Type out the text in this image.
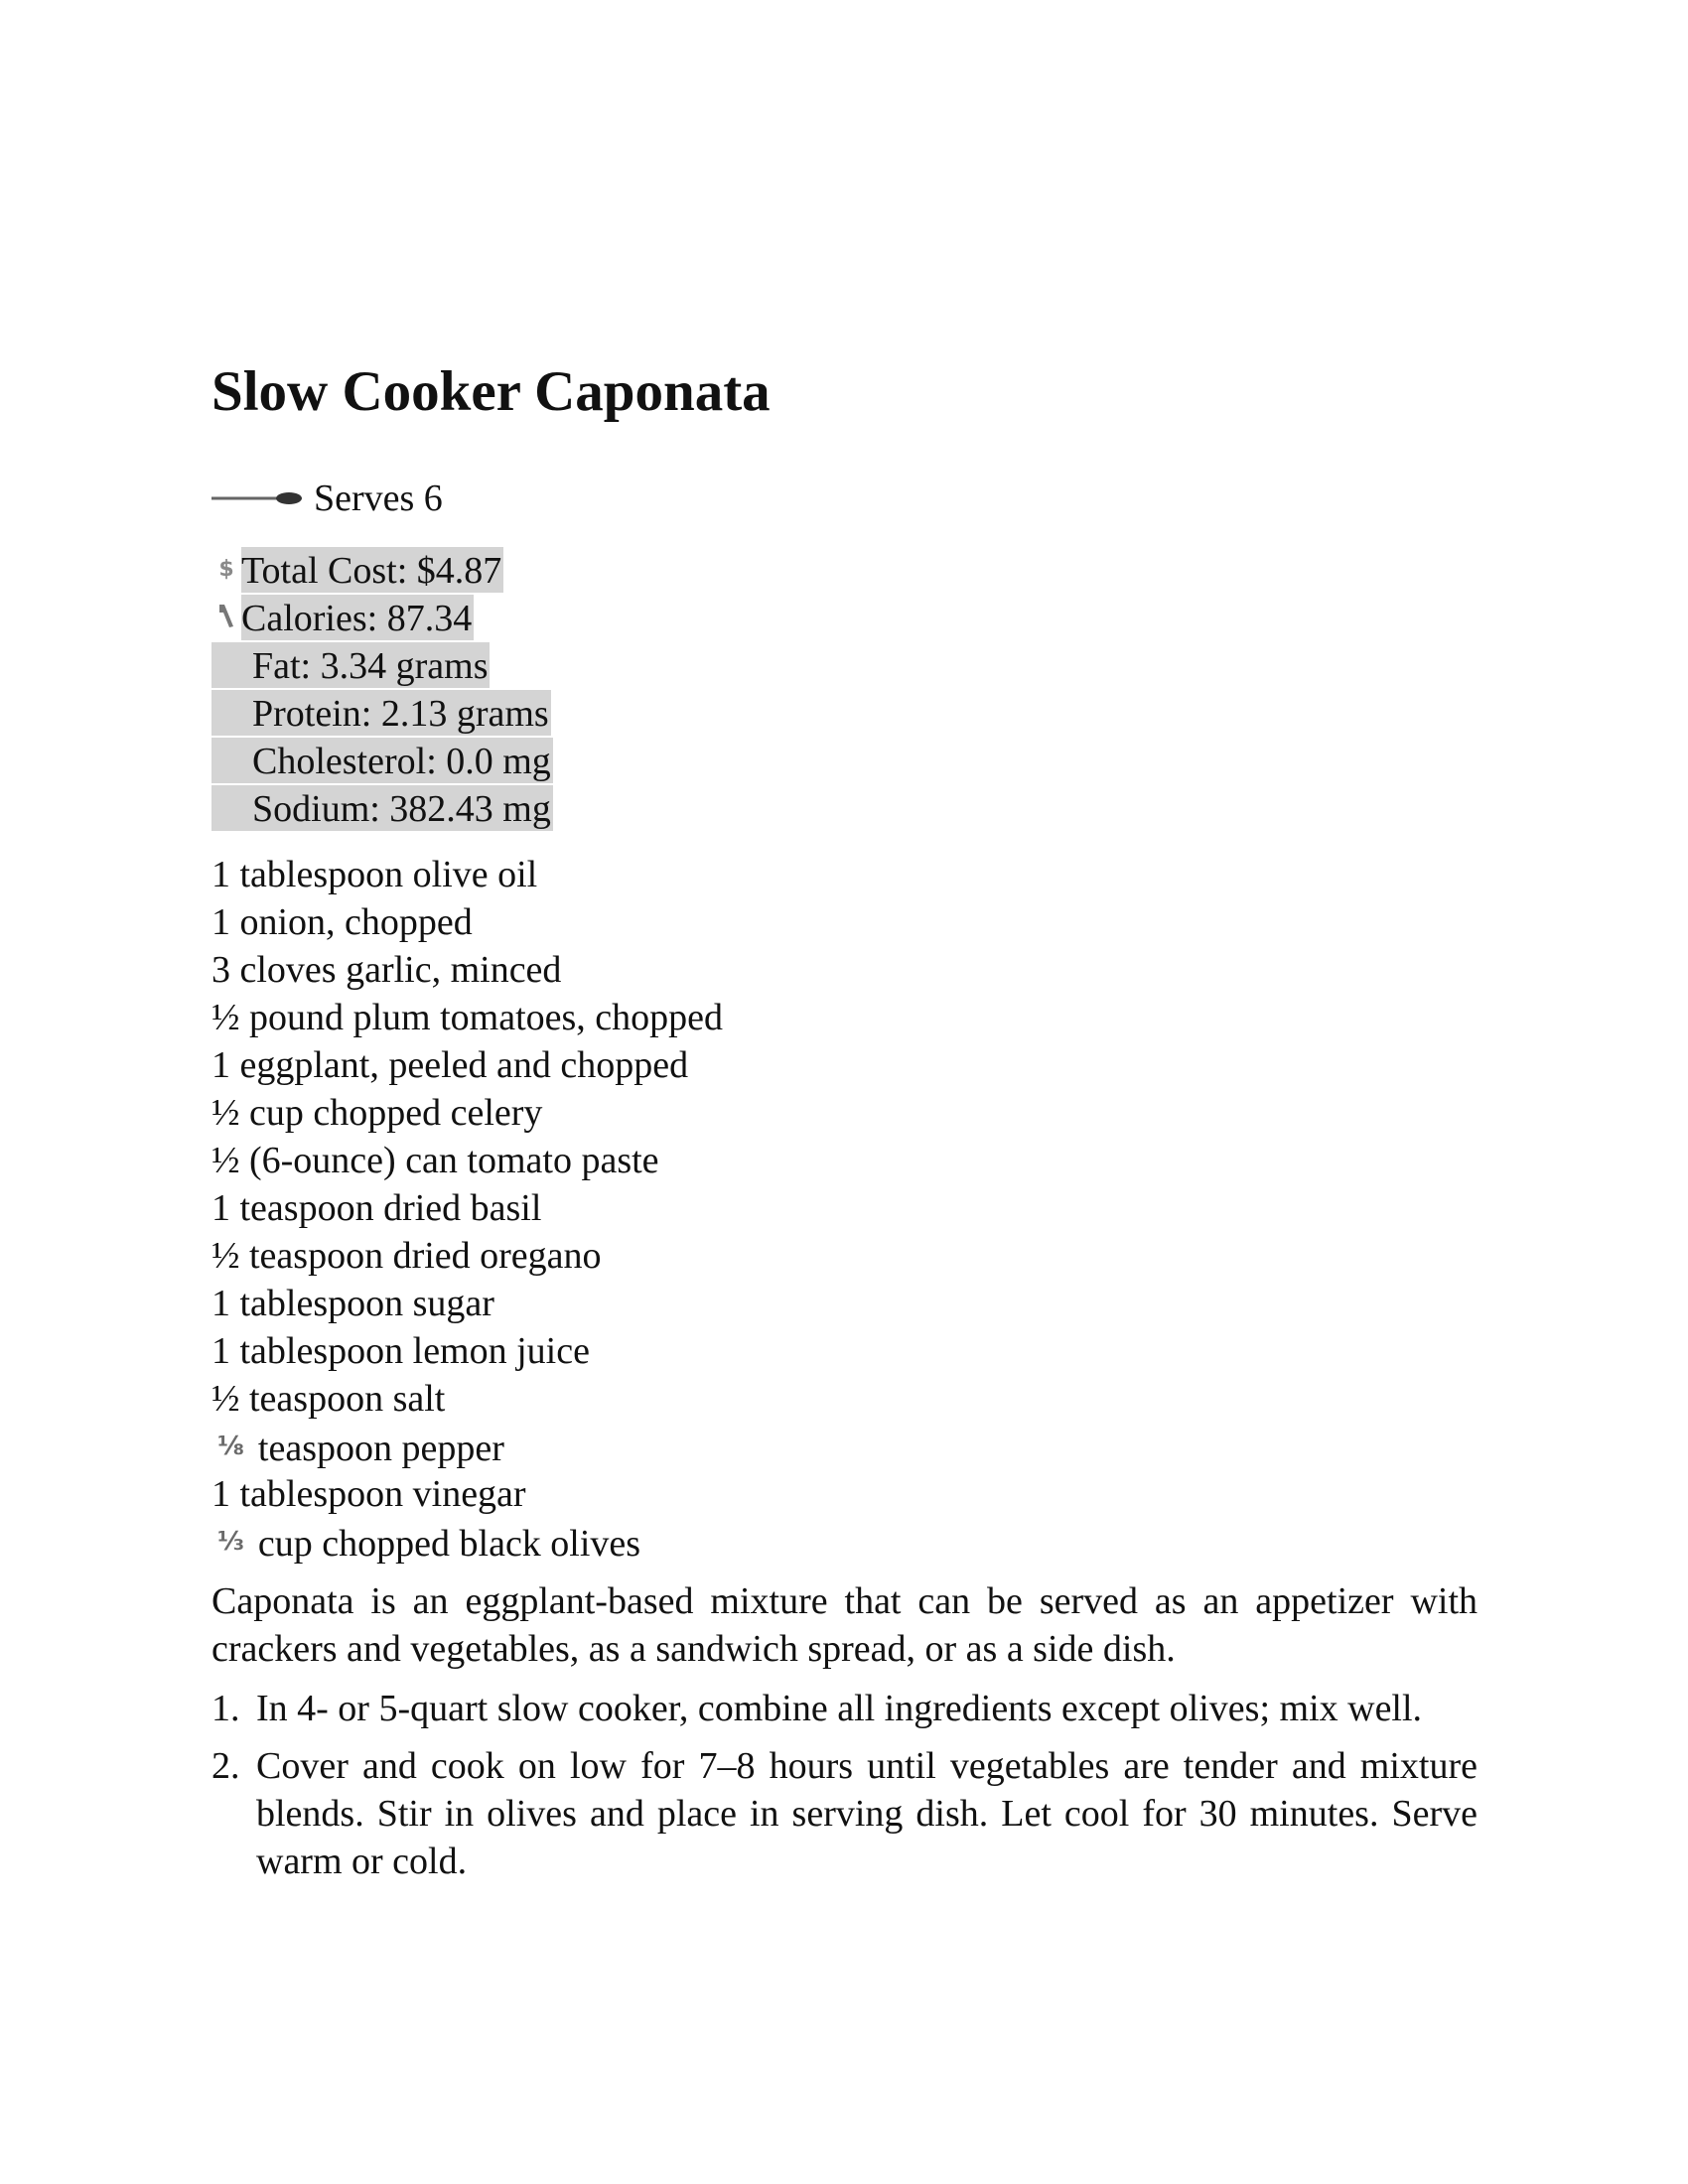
Slow Cooker Caponata
Serves 6
$ Total Cost: $4.87
Calories: 87.34
Fat: 3.34 grams
Protein: 2.13 grams
Cholesterol: 0.0 mg
Sodium: 382.43 mg
1 tablespoon olive oil
1 onion, chopped
3 cloves garlic, minced
½ pound plum tomatoes, chopped
1 eggplant, peeled and chopped
½ cup chopped celery
½ (6-ounce) can tomato paste
1 teaspoon dried basil
½ teaspoon dried oregano
1 tablespoon sugar
1 tablespoon lemon juice
½ teaspoon salt
⅛ teaspoon pepper
1 tablespoon vinegar
⅓ cup chopped black olives

Caponata is an eggplant-based mixture that can be served as an appetizer with crackers and vegetables, as a sandwich spread, or as a side dish.

1. In 4- or 5-quart slow cooker, combine all ingredients except olives; mix well.
2. Cover and cook on low for 7–8 hours until vegetables are tender and mixture blends. Stir in olives and place in serving dish. Let cool for 30 minutes. Serve warm or cold.
